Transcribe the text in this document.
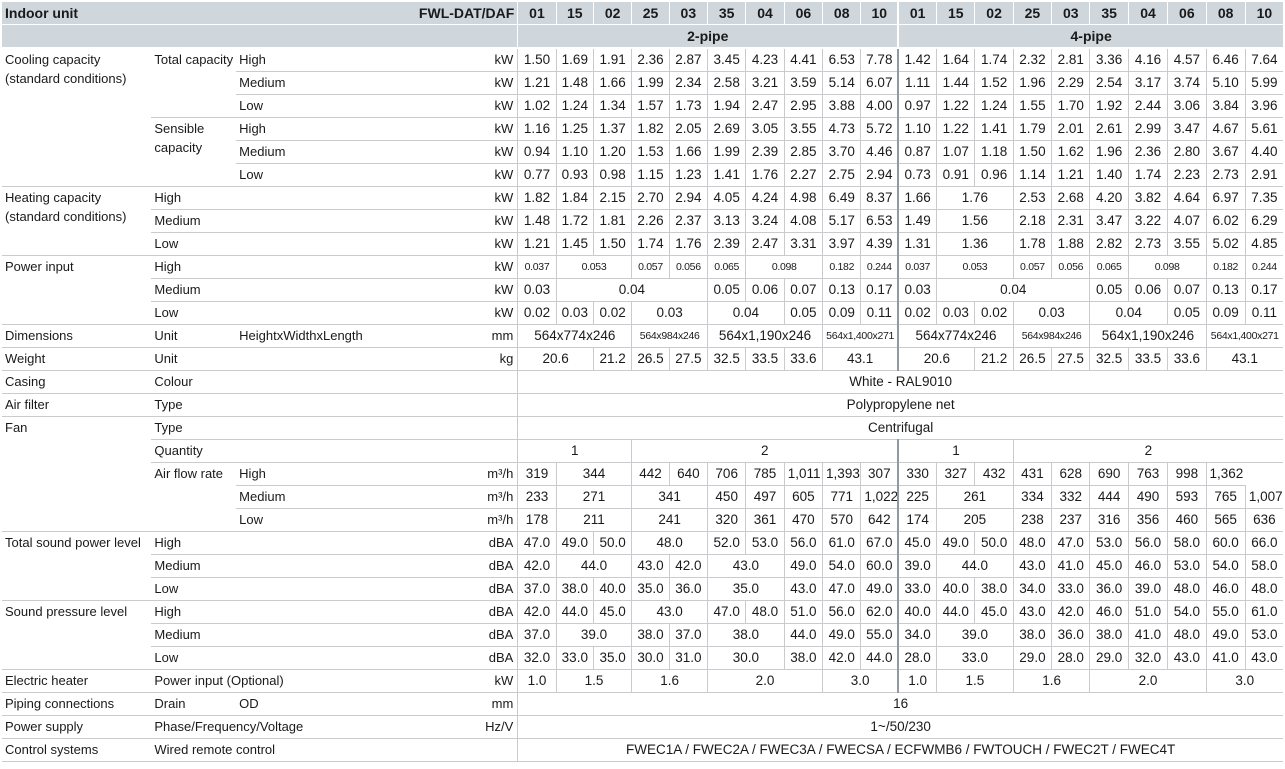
Indoor unit		FWL-DAT/DAF		01	15	02	25	03	35	04	06	08	10	01	15	02	25	03	35	04	06	08	10
				2-pipe										4-pipe									
Cooling capacity (standard conditions)	Total capacity	High	kW	1.50	1.69	1.91	2.36	2.87	3.45	4.23	4.41	6.53	7.78	1.42	1.64	1.74	2.32	2.81	3.36	4.16	4.57	6.46	7.64
		Medium	kW	1.21	1.48	1.66	1.99	2.34	2.58	3.21	3.59	5.14	6.07	1.11	1.44	1.52	1.96	2.29	2.54	3.17	3.74	5.10	5.99
		Low	kW	1.02	1.24	1.34	1.57	1.73	1.94	2.47	2.95	3.88	4.00	0.97	1.22	1.24	1.55	1.70	1.92	2.44	3.06	3.84	3.96
	Sensible capacity	High	kW	1.16	1.25	1.37	1.82	2.05	2.69	3.05	3.55	4.73	5.72	1.10	1.22	1.41	1.79	2.01	2.61	2.99	3.47	4.67	5.61
		Medium	kW	0.94	1.10	1.20	1.53	1.66	1.99	2.39	2.85	3.70	4.46	0.87	1.07	1.18	1.50	1.62	1.96	2.36	2.80	3.67	4.40
		Low	kW	0.77	0.93	0.98	1.15	1.23	1.41	1.76	2.27	2.75	2.94	0.73	0.91	0.96	1.14	1.21	1.40	1.74	2.23	2.73	2.91
Heating capacity (standard conditions)	High		kW	1.82	1.84	2.15	2.70	2.94	4.05	4.24	4.98	6.49	8.37	1.66	1.76		2.53	2.68	4.20	3.82	4.64	6.97	7.35
	Medium		kW	1.48	1.72	1.81	2.26	2.37	3.13	3.24	4.08	5.17	6.53	1.49	1.56		2.18	2.31	3.47	3.22	4.07	6.02	6.29
	Low		kW	1.21	1.45	1.50	1.74	1.76	2.39	2.47	3.31	3.97	4.39	1.31	1.36		1.78	1.88	2.82	2.73	3.55	5.02	4.85
Power input	High		kW	0.037	0.053		0.057	0.056	0.065	0.098		0.182	0.244	0.037	0.053		0.057	0.056	0.065	0.098		0.182	0.244
	Medium		kW	0.03	0.04				0.05	0.06	0.07	0.13	0.17	0.03	0.04				0.05	0.06	0.07	0.13	0.17
	Low		kW	0.02	0.03	0.02	0.03		0.04		0.05	0.09	0.11	0.02	0.03	0.02	0.03		0.04		0.05	0.09	0.11
Dimensions	Unit	HeightxWidthxLength	mm	564x774x246			564x984x246		564x1,190x246			564x1,400x271		564x774x246			564x984x246		564x1,190x246			564x1,400x271	
Weight	Unit		kg	20.6		21.2	26.5	27.5	32.5	33.5	33.6	43.1		20.6		21.2	26.5	27.5	32.5	33.5	33.6	43.1	
Casing	Colour			White - RAL9010																			
Air filter	Type			Polypropylene net																			
Fan	Type			Centrifugal																			
	Quantity			1			2							1			2						
	Air flow rate	High	m³/h	319	344		442	640	706	785	1,011	1,393	307	330	327	432	431	628	690	763	998	1,362	
		Medium	m³/h	233	271		341		450	497	605	771	1,022	225	261		334	332	444	490	593	765	1,007
		Low	m³/h	178	211		241		320	361	470	570	642	174	205		238	237	316	356	460	565	636
Total sound power level	High		dBA	47.0	49.0	50.0	48.0		52.0	53.0	56.0	61.0	67.0	45.0	49.0	50.0	48.0	47.0	53.0	56.0	58.0	60.0	66.0
	Medium		dBA	42.0	44.0		43.0	42.0	43.0		49.0	54.0	60.0	39.0	44.0		43.0	41.0	45.0	46.0	53.0	54.0	58.0
	Low		dBA	37.0	38.0	40.0	35.0	36.0	35.0		43.0	47.0	49.0	33.0	40.0	38.0	34.0	33.0	36.0	39.0	48.0	46.0	48.0
Sound pressure level	High		dBA	42.0	44.0	45.0	43.0		47.0	48.0	51.0	56.0	62.0	40.0	44.0	45.0	43.0	42.0	46.0	51.0	54.0	55.0	61.0
	Medium		dBA	37.0	39.0		38.0	37.0	38.0		44.0	49.0	55.0	34.0	39.0		38.0	36.0	38.0	41.0	48.0	49.0	53.0
	Low		dBA	32.0	33.0	35.0	30.0	31.0	30.0		38.0	42.0	44.0	28.0	33.0		29.0	28.0	29.0	32.0	43.0	41.0	43.0
Electric heater	Power input (Optional)		kW	1.0	1.5		1.6		2.0			3.0		1.0	1.5		1.6		2.0			3.0	
Piping connections	Drain	OD	mm	16																			
Power supply	Phase/Frequency/Voltage		Hz/V	1~/50/230																			
Control systems	Wired remote control			FWEC1A / FWEC2A / FWEC3A / FWECSA / ECFWMB6 / FWTOUCH / FWEC2T / FWEC4T																			
